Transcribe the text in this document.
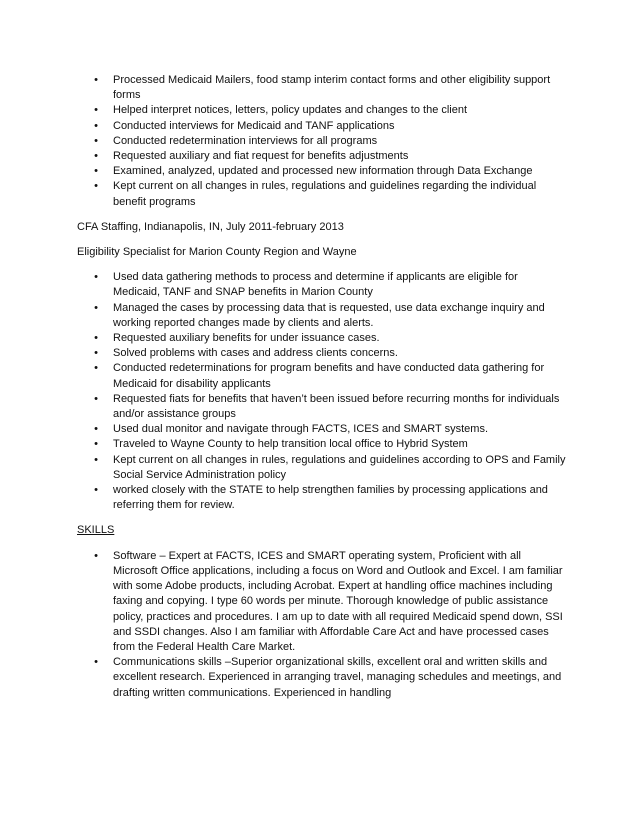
• Processed Medicaid Mailers, food stamp interim contact forms and other eligibility support forms
• Helped interpret notices, letters, policy updates and changes to the client
• Conducted interviews for Medicaid and TANF applications
• Conducted redetermination interviews for all programs
• Requested auxiliary and fiat request for benefits adjustments
• Examined, analyzed, updated and processed new information through Data Exchange
• Kept current on all changes in rules, regulations and guidelines regarding the individual benefit programs

CFA Staffing, Indianapolis, IN, July 2011-february 2013

Eligibility Specialist for Marion County Region and Wayne

• Used data gathering methods to process and determine if applicants are eligible for Medicaid, TANF and SNAP benefits in Marion County
• Managed the cases by processing data that is requested, use data exchange inquiry and working reported changes made by clients and alerts.
• Requested auxiliary benefits for under issuance cases.
• Solved problems with cases and address clients concerns.
• Conducted redeterminations for program benefits and have conducted data gathering for Medicaid for disability applicants
• Requested fiats for benefits that haven’t been issued before recurring months for individuals and/or assistance groups
• Used dual monitor and navigate through FACTS, ICES and SMART systems.
• Traveled to Wayne County to help transition local office to Hybrid System
• Kept current on all changes in rules, regulations and guidelines according to OPS and Family Social Service Administration policy
• worked closely with the STATE to help strengthen families by processing applications and referring them for review.

SKILLS

• Software – Expert at FACTS, ICES and SMART operating system, Proficient with all Microsoft Office applications, including a focus on Word and Outlook and Excel. I am familiar with some Adobe products, including Acrobat. Expert at handling office machines including faxing and copying. I type 60 words per minute. Thorough knowledge of public assistance policy, practices and procedures. I am up to date with all required Medicaid spend down, SSI and SSDI changes. Also I am familiar with Affordable Care Act and have processed cases from the Federal Health Care Market.
• Communications skills –Superior organizational skills, excellent oral and written skills and excellent research. Experienced in arranging travel, managing schedules and meetings, and drafting written communications. Experienced in handling
